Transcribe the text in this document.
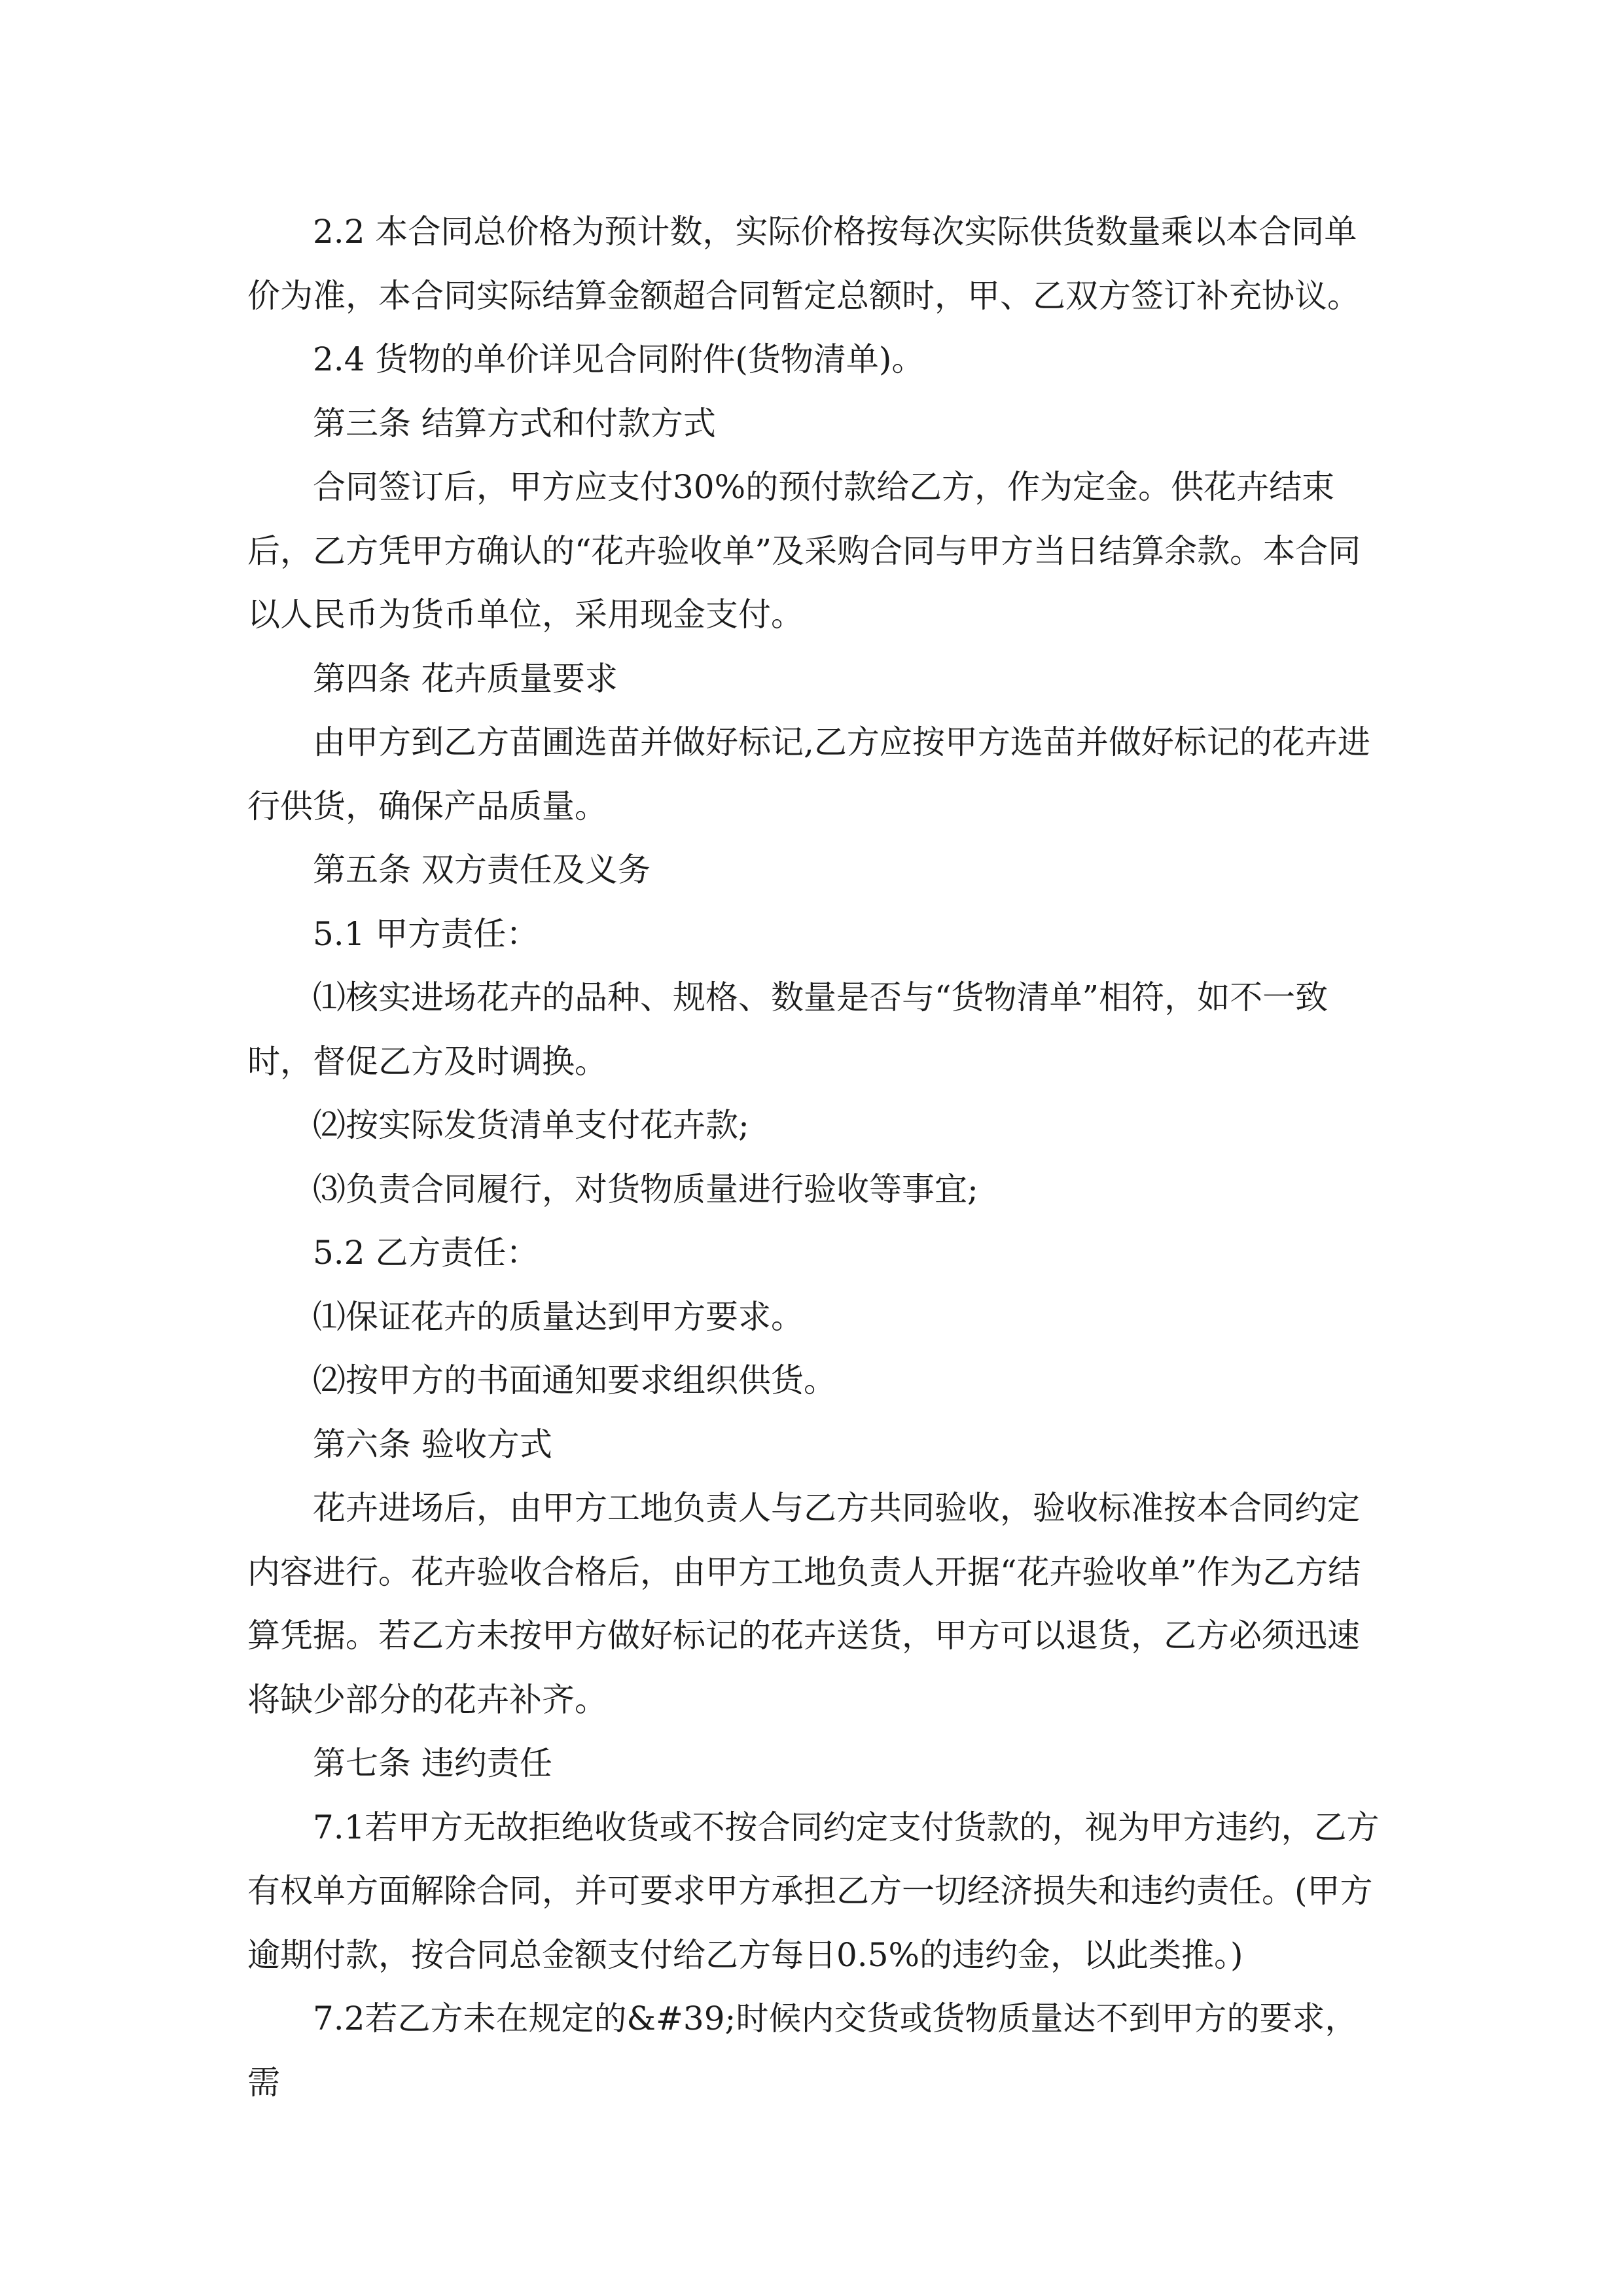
2.2 本合同总价格为预计数，实际价格按每次实际供货数量乘以本合同单价为准，本合同实际结算金额超合同暂定总额时，甲、乙双方签订补充协议。

2.4 货物的单价详见合同附件(货物清单)。

第三条 结算方式和付款方式

合同签订后，甲方应支付30%的预付款给乙方，作为定金。供花卉结束后，乙方凭甲方确认的“花卉验收单”及采购合同与甲方当日结算余款。本合同以人民币为货币单位，采用现金支付。

第四条 花卉质量要求

由甲方到乙方苗圃选苗并做好标记,乙方应按甲方选苗并做好标记的花卉进行供货，确保产品质量。

第五条 双方责任及义务

5.1 甲方责任：

⑴核实进场花卉的品种、规格、数量是否与“货物清单”相符，如不一致时，督促乙方及时调换。

⑵按实际发货清单支付花卉款;

⑶负责合同履行，对货物质量进行验收等事宜;

5.2 乙方责任：

⑴保证花卉的质量达到甲方要求。

⑵按甲方的书面通知要求组织供货。

第六条 验收方式

花卉进场后，由甲方工地负责人与乙方共同验收，验收标准按本合同约定内容进行。花卉验收合格后，由甲方工地负责人开据“花卉验收单”作为乙方结算凭据。若乙方未按甲方做好标记的花卉送货，甲方可以退货，乙方必须迅速将缺少部分的花卉补齐。

第七条 违约责任

7.1若甲方无故拒绝收货或不按合同约定支付货款的，视为甲方违约，乙方有权单方面解除合同，并可要求甲方承担乙方一切经济损失和违约责任。(甲方逾期付款，按合同总金额支付给乙方每日0.5%的违约金，以此类推。)

7.2若乙方未在规定的&#39;时候内交货或货物质量达不到甲方的要求，需
